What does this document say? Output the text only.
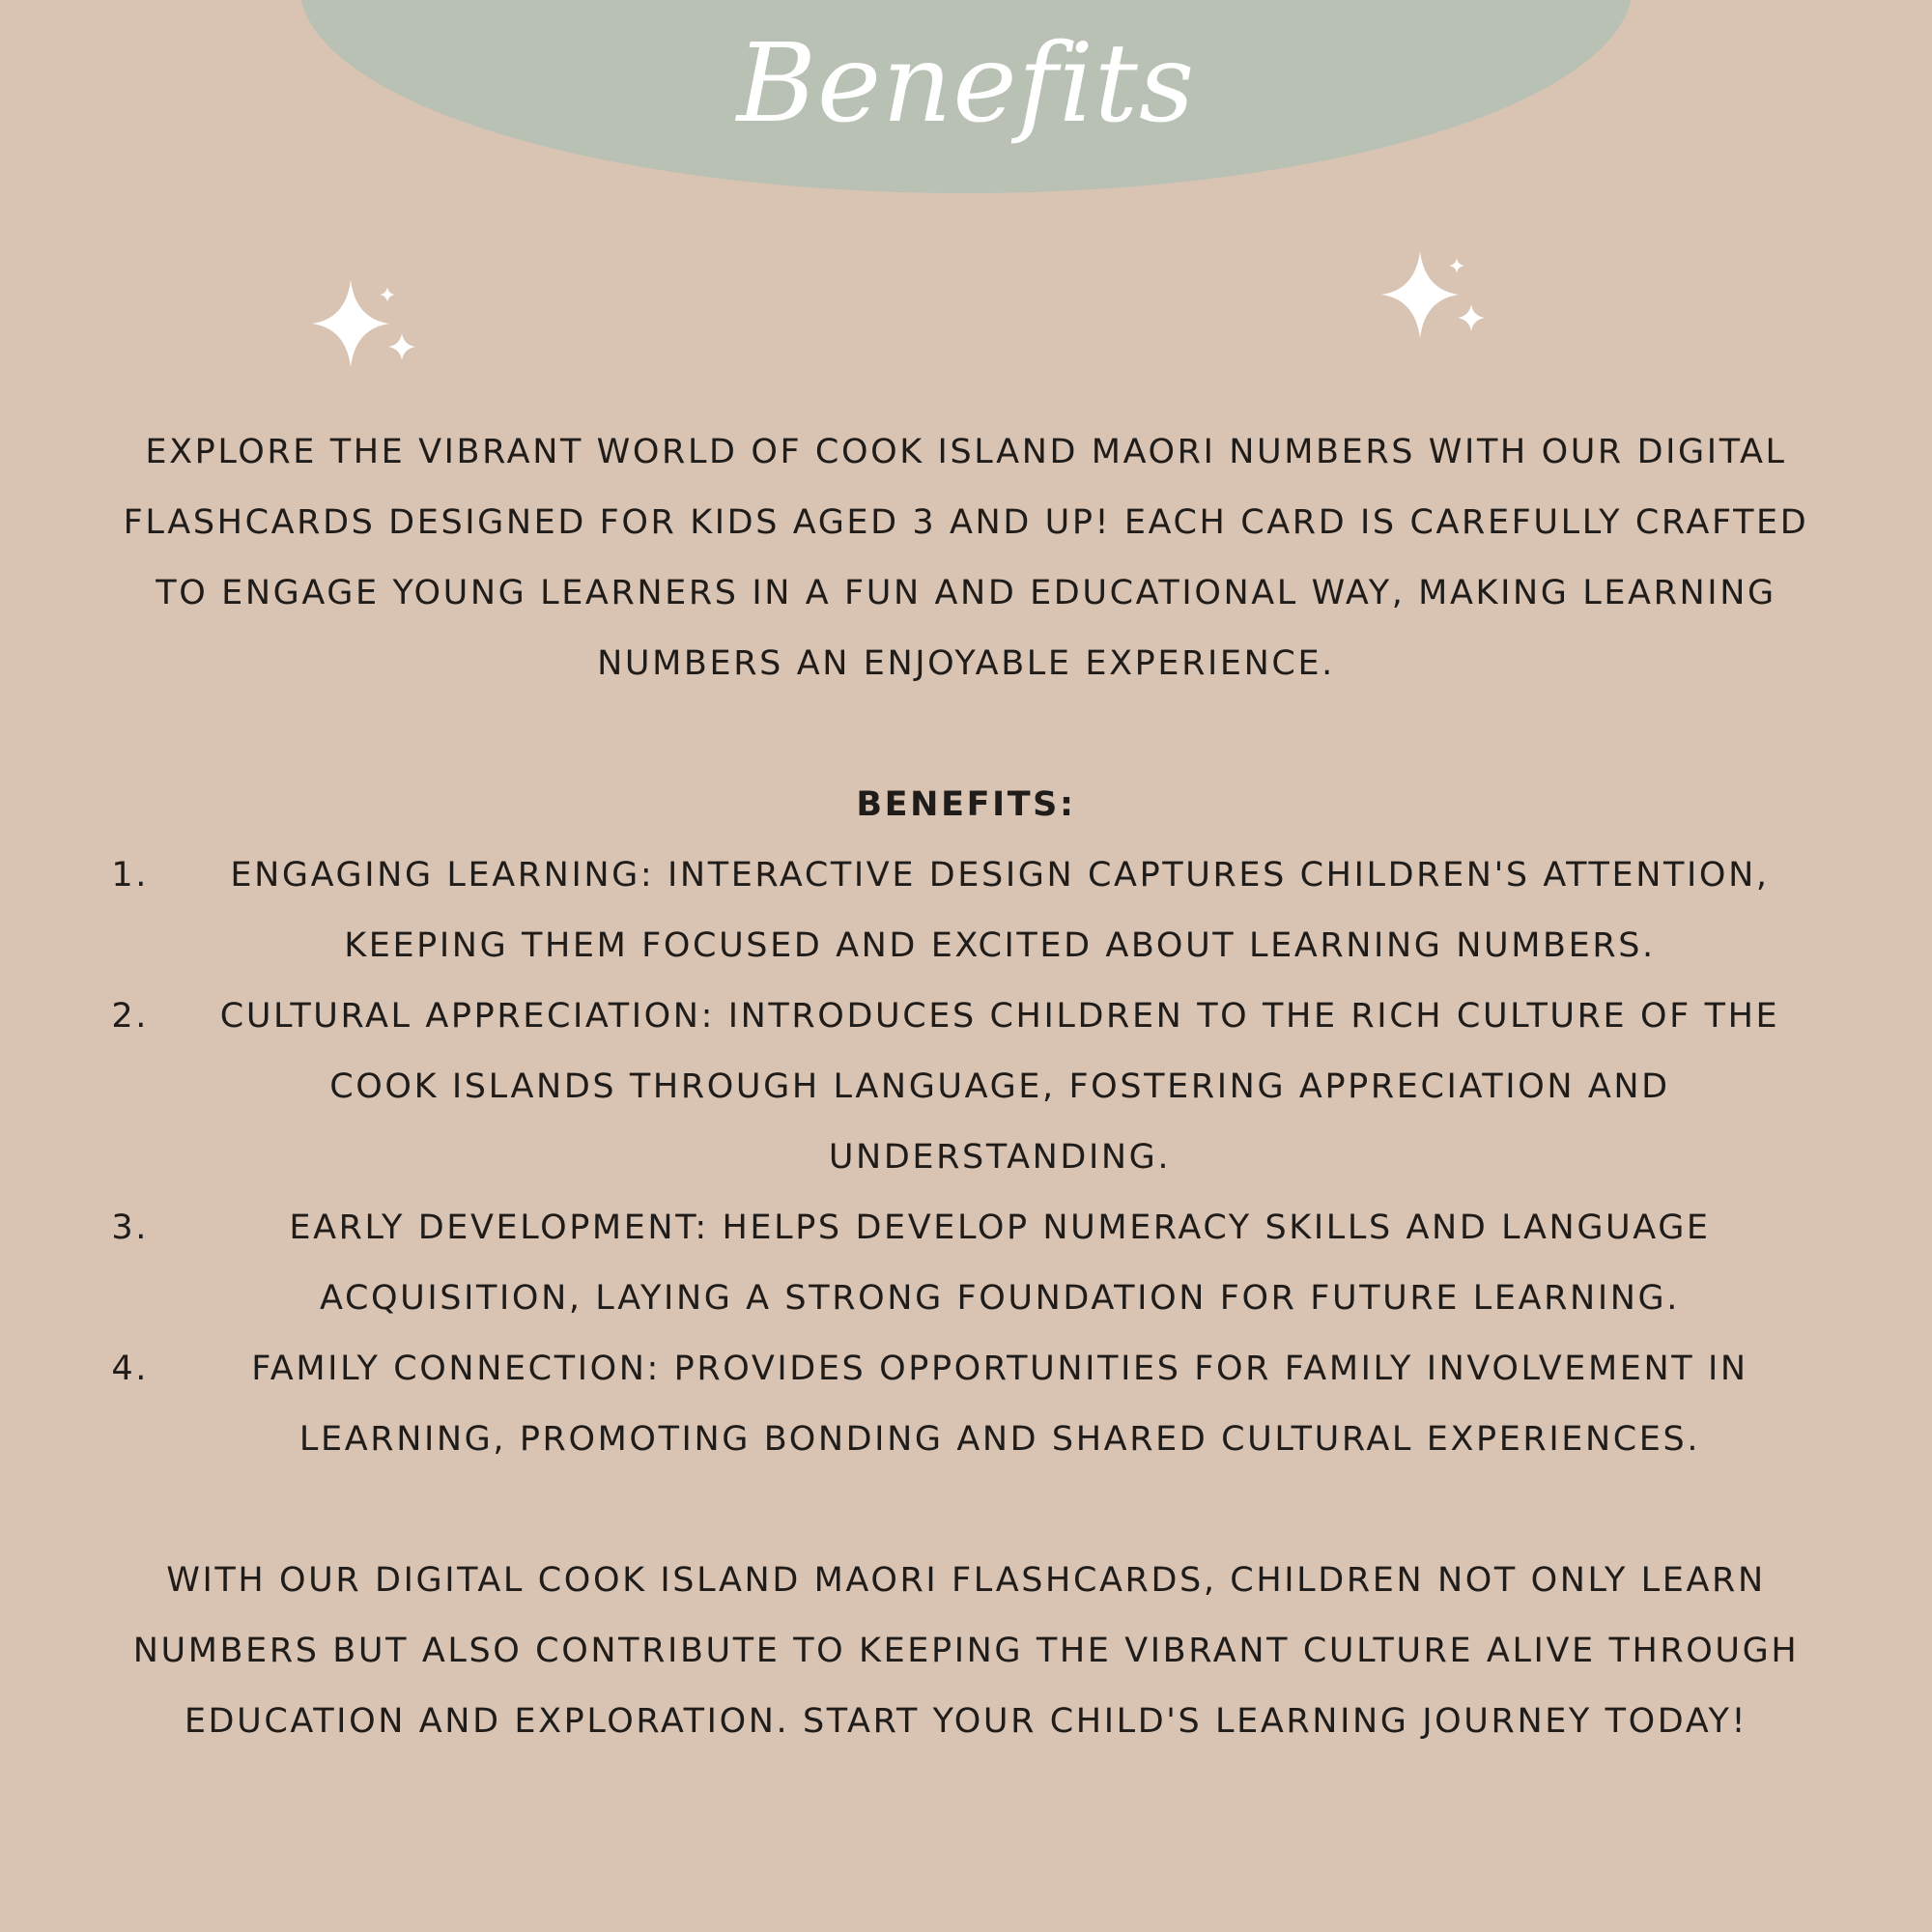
Benefits
EXPLORE THE VIBRANT WORLD OF COOK ISLAND MAORI NUMBERS WITH OUR DIGITAL FLASHCARDS DESIGNED FOR KIDS AGED 3 AND UP! EACH CARD IS CAREFULLY CRAFTED TO ENGAGE YOUNG LEARNERS IN A FUN AND EDUCATIONAL WAY, MAKING LEARNING NUMBERS AN ENJOYABLE EXPERIENCE.
BENEFITS:
1.	ENGAGING LEARNING: INTERACTIVE DESIGN CAPTURES CHILDREN'S ATTENTION, KEEPING THEM FOCUSED AND EXCITED ABOUT LEARNING NUMBERS.
2.	CULTURAL APPRECIATION: INTRODUCES CHILDREN TO THE RICH CULTURE OF THE COOK ISLANDS THROUGH LANGUAGE, FOSTERING APPRECIATION AND UNDERSTANDING.
3.	EARLY DEVELOPMENT: HELPS DEVELOP NUMERACY SKILLS AND LANGUAGE ACQUISITION, LAYING A STRONG FOUNDATION FOR FUTURE LEARNING.
4.	FAMILY CONNECTION: PROVIDES OPPORTUNITIES FOR FAMILY INVOLVEMENT IN LEARNING, PROMOTING BONDING AND SHARED CULTURAL EXPERIENCES.
WITH OUR DIGITAL COOK ISLAND MAORI FLASHCARDS, CHILDREN NOT ONLY LEARN NUMBERS BUT ALSO CONTRIBUTE TO KEEPING THE VIBRANT CULTURE ALIVE THROUGH EDUCATION AND EXPLORATION. START YOUR CHILD'S LEARNING JOURNEY TODAY!
